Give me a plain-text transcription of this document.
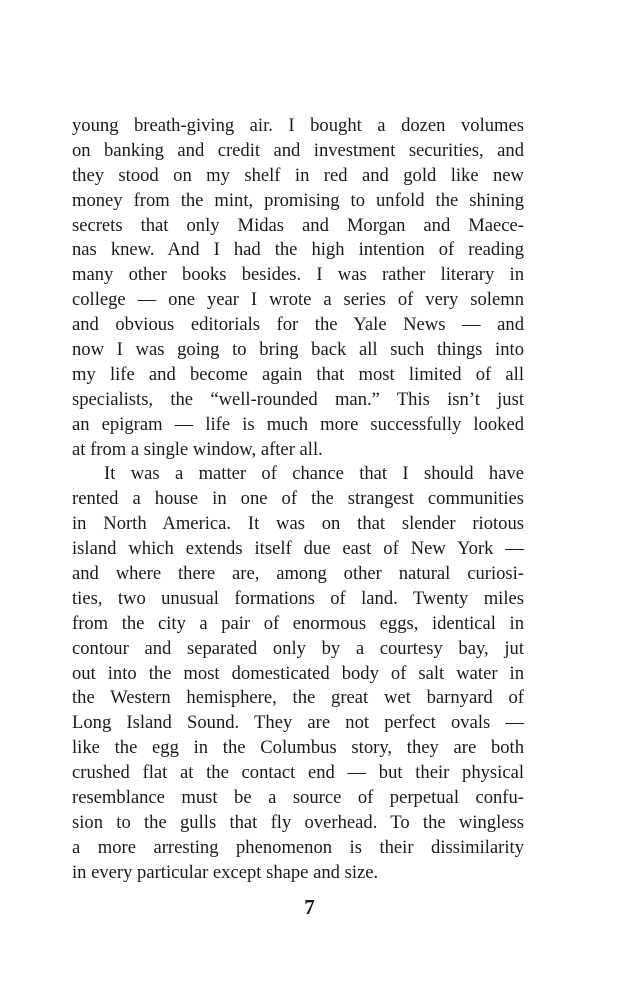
young breath-giving air. I bought a dozen volumes
on banking and credit and investment securities, and
they stood on my shelf in red and gold like new
money from the mint, promising to unfold the shining
secrets that only Midas and Morgan and Maece-
nas knew. And I had the high intention of reading
many other books besides. I was rather literary in
college — one year I wrote a series of very solemn
and obvious editorials for the Yale News — and
now I was going to bring back all such things into
my life and become again that most limited of all
specialists, the “well-rounded man.” This isn’t just
an epigram — life is much more successfully looked
at from a single window, after all.
It was a matter of chance that I should have
rented a house in one of the strangest communities
in North America. It was on that slender riotous
island which extends itself due east of New York —
and where there are, among other natural curiosi-
ties, two unusual formations of land. Twenty miles
from the city a pair of enormous eggs, identical in
contour and separated only by a courtesy bay, jut
out into the most domesticated body of salt water in
the Western hemisphere, the great wet barnyard of
Long Island Sound. They are not perfect ovals —
like the egg in the Columbus story, they are both
crushed flat at the contact end — but their physical
resemblance must be a source of perpetual confu-
sion to the gulls that fly overhead. To the wingless
a more arresting phenomenon is their dissimilarity
in every particular except shape and size.
7
